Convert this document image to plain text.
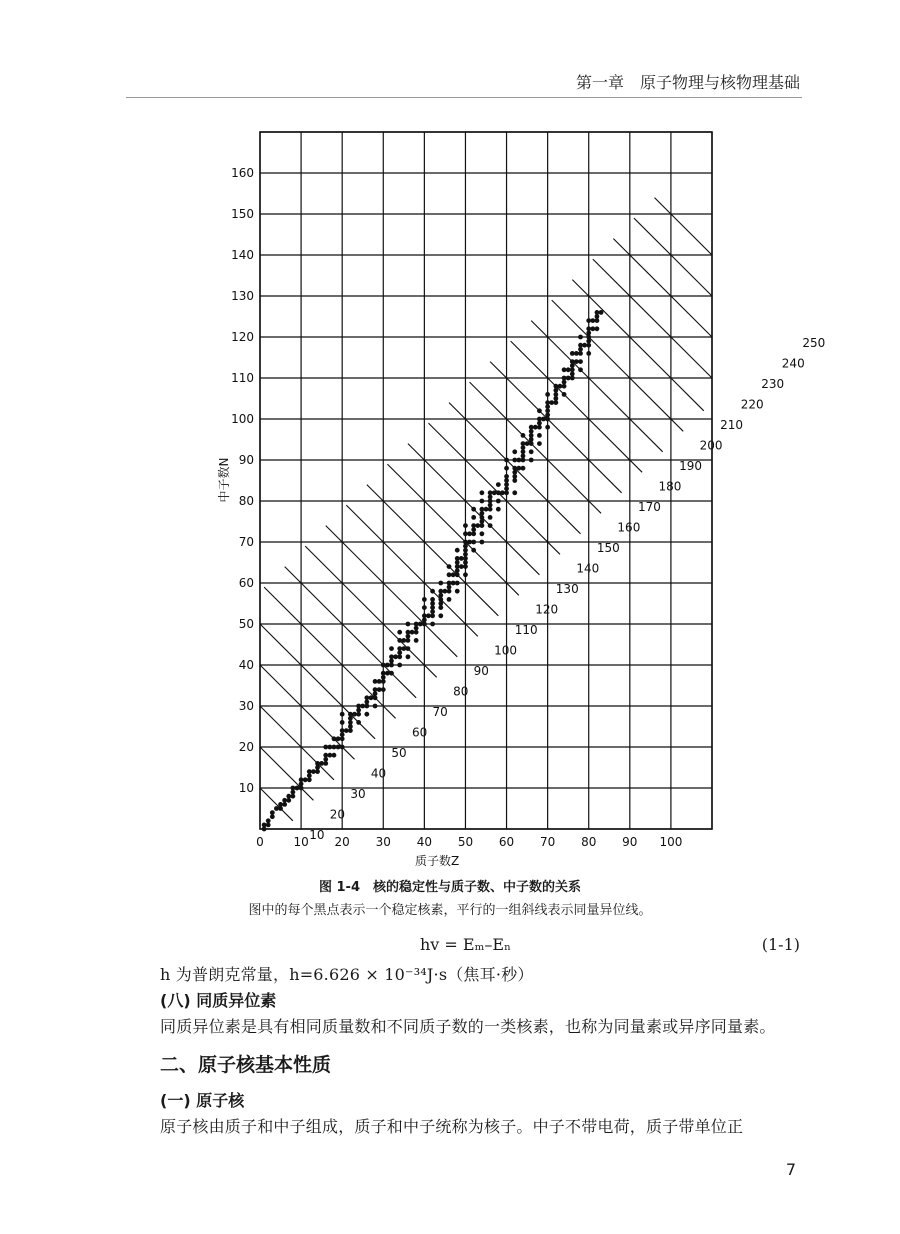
第一章　原子物理与核物理基础
10
20
30
40
50
60
70
80
90
100
110
120
130
140
150
160
170
180
190
200
210
220
230
240
250
0 10 20 30 40 50 60 70 80 90 100
10
20
30
40
50
60
70
80
90
100
110
120
130
140
150
160
质子数Z
中子数N
图 1-4　核的稳定性与质子数、中子数的关系
图中的每个黑点表示一个稳定核素，平行的一组斜线表示同量异位线。
hv = Eₘ–Eₙ	(1-1)
h 为普朗克常量，h=6.626 × 10⁻³⁴J·s（焦耳·秒）
(八) 同质异位素
同质异位素是具有相同质量数和不同质子数的一类核素，也称为同量素或异序同量素。
二、原子核基本性质
(一) 原子核
原子核由质子和中子组成，质子和中子统称为核子。中子不带电荷，质子带单位正
7
